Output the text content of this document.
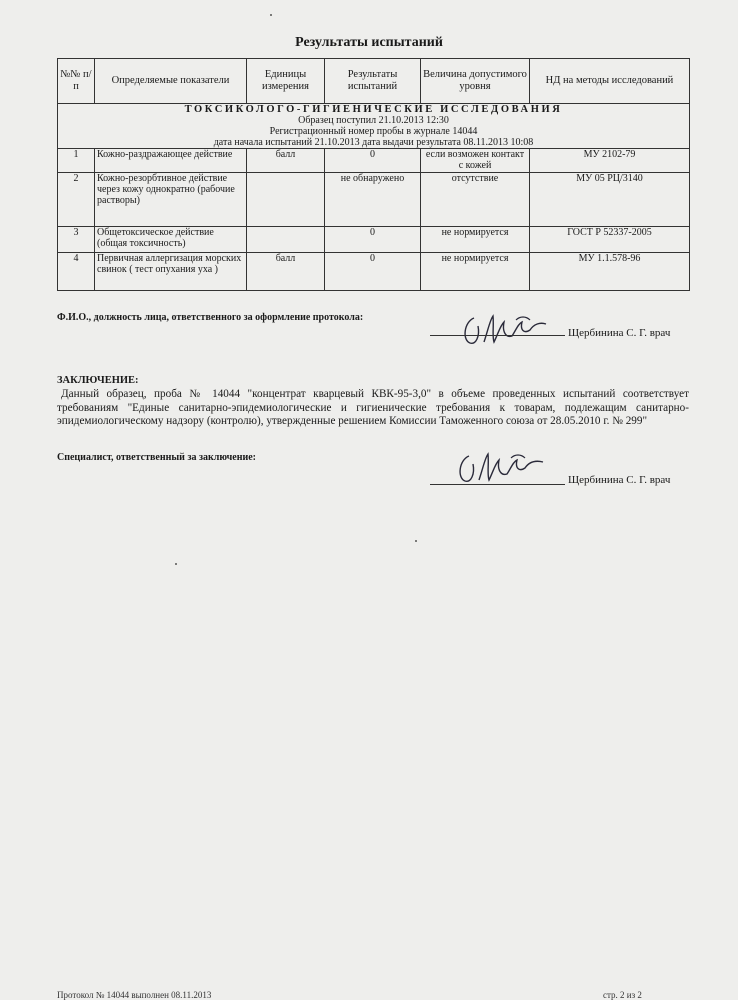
Результаты испытаний
№№ п/п	Определяемые показатели	Единицы измерения	Результаты испытаний	Величина допустимого уровня	НД на методы исследований

ТОКСИКОЛОГО-ГИГИЕНИЧЕСКИЕ ИССЛЕДОВАНИЯ
Образец поступил 21.10.2013 12:30
Регистрационный номер пробы в журнале 14044
дата начала испытаний 21.10.2013 дата выдачи результата 08.11.2013 10:08					

1	Кожно-раздражающее действие	балл	0	если возможен контакт с кожей	МУ 2102-79
2	Кожно-резорбтивное действие через кожу однократно (рабочие растворы)		не обнаружено	отсутствие	МУ 05 РЦ/3140
3	Общетоксическое действие (общая токсичность)		0	не нормируется	ГОСТ Р 52337-2005
4	Первичная аллергизация морских свинок ( тест опухания уха )	балл	0	не нормируется	МУ 1.1.578-96
Ф.И.О., должность лица, ответственного за оформление протокола:
Щербинина С. Г. врач
ЗАКЛЮЧЕНИЕ:
Данный образец, проба № 14044 "концентрат кварцевый КВК-95-3,0" в объеме проведенных испытаний соответствует требованиям "Единые санитарно-эпидемиологические и гигиенические требования к товарам, подлежащим санитарно-эпидемиологическому надзору (контролю), утвержденные решением Комиссии Таможенного союза от 28.05.2010 г. № 299"
Специалист, ответственный за заключение:
Щербинина С. Г. врач
Протокол № 14044 выполнен 08.11.2013	стр. 2 из 2
